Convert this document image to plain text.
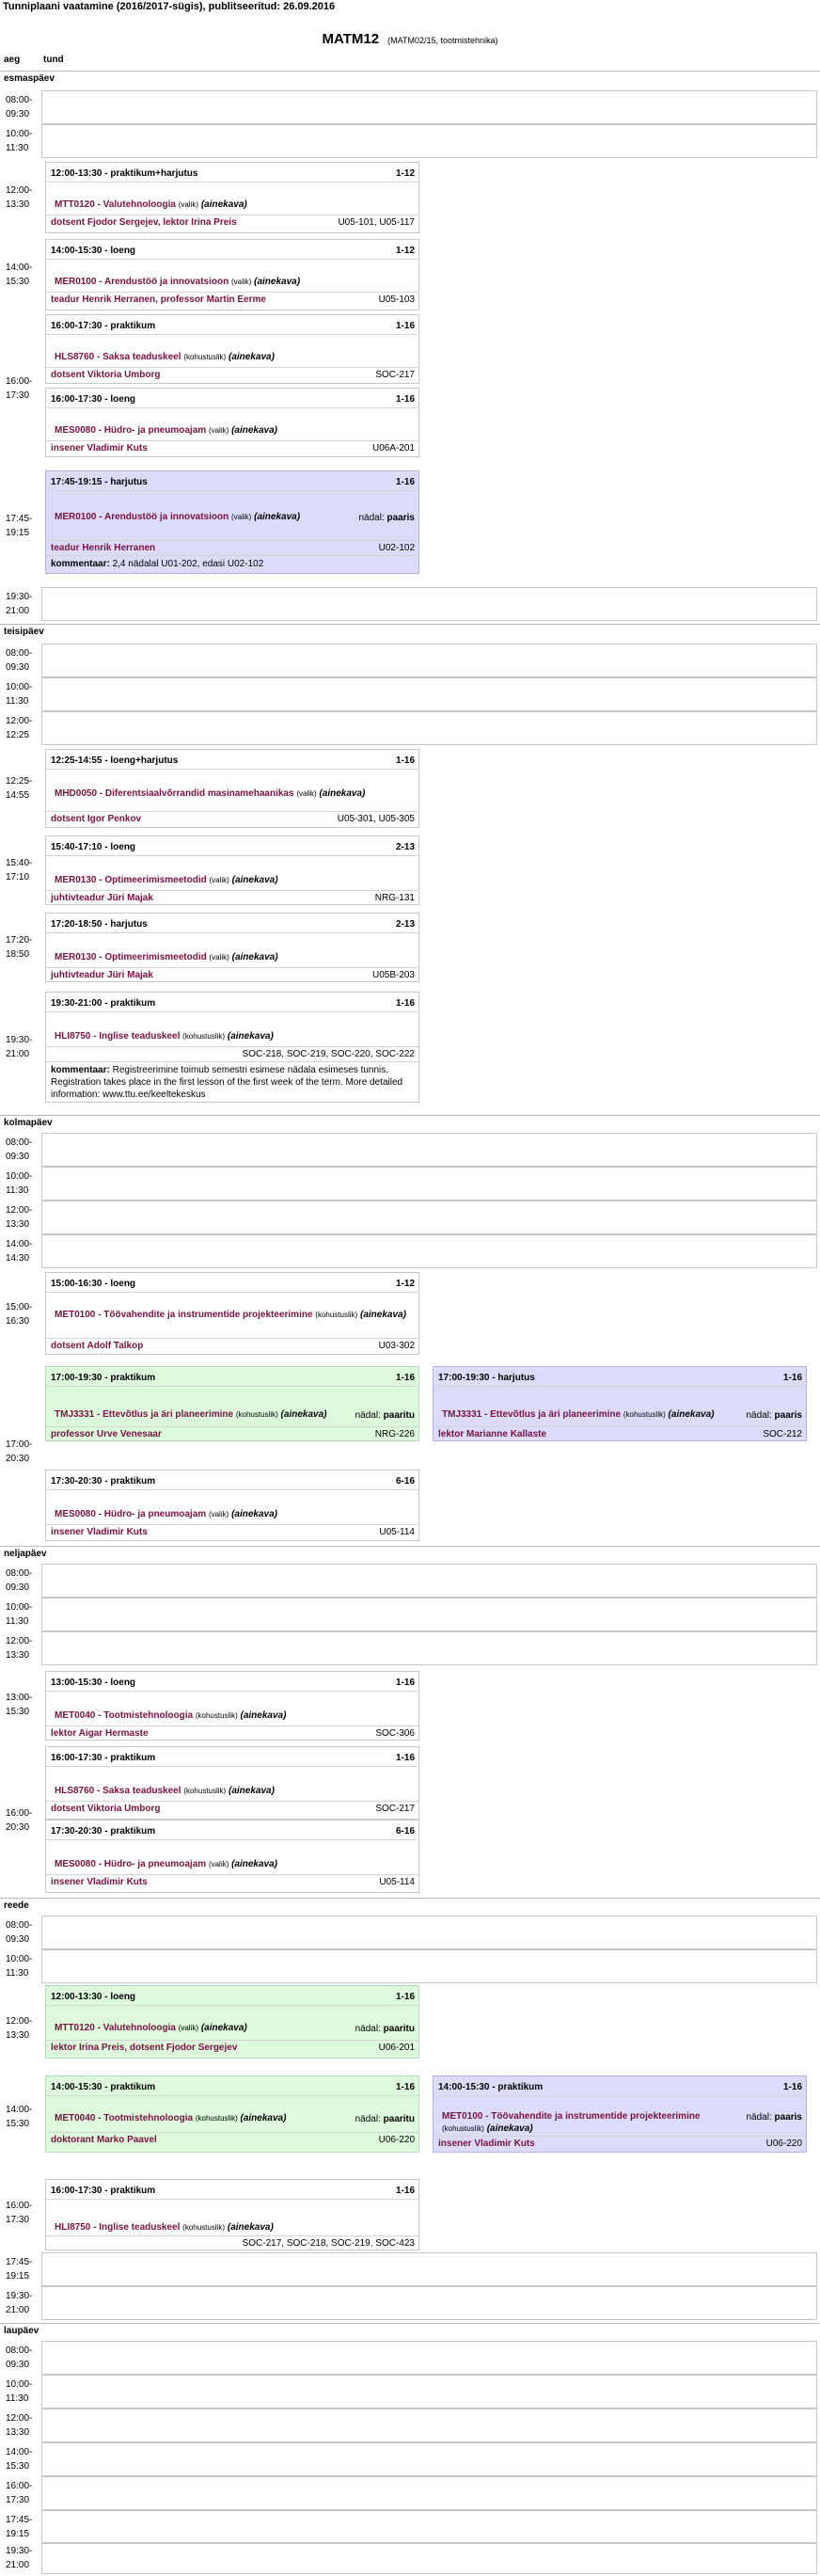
Tunniplaani vaatamine (2016/2017-sügis), publitseeritud: 26.09.2016
MATM12 (MATM02/15, tootmistehnika)
aeg tund
esmaspäev
08:00- 09:30
10:00- 11:30
12:00- 13:30
12:00-13:30 - praktikum+harjutus	1-12
MTT0120 - Valutehnoloogia (valik) (ainekava)
dotsent Fjodor Sergejev, lektor Irina Preis	U05-101, U05-117
14:00- 15:30
14:00-15:30 - loeng	1-12
MER0100 - Arendustöö ja innovatsioon (valik) (ainekava)
teadur Henrik Herranen, professor Martin Eerme	U05-103
16:00- 17:30
16:00-17:30 - praktikum	1-16
HLS8760 - Saksa teaduskeel (kohustuslik) (ainekava)
dotsent Viktoria Umborg	SOC-217
16:00-17:30 - loeng	1-16
MES0080 - Hüdro- ja pneumoajam (valik) (ainekava)
insener Vladimir Kuts	U06A-201
17:45- 19:15
17:45-19:15 - harjutus	1-16
MER0100 - Arendustöö ja innovatsioon (valik) (ainekava)	nädal: paaris
teadur Henrik Herranen	U02-102
kommentaar: 2,4 nädalal U01-202, edasi U02-102
19:30- 21:00
teisipäev
08:00- 09:30
10:00- 11:30
12:00- 12:25
12:25- 14:55
12:25-14:55 - loeng+harjutus	1-16
MHD0050 - Diferentsiaalvõrrandid masinamehaanikas (valik) (ainekava)
dotsent Igor Penkov	U05-301, U05-305
15:40- 17:10
15:40-17:10 - loeng	2-13
MER0130 - Optimeerimismeetodid (valik) (ainekava)
juhtivteadur Jüri Majak	NRG-131
17:20- 18:50
17:20-18:50 - harjutus	2-13
MER0130 - Optimeerimismeetodid (valik) (ainekava)
juhtivteadur Jüri Majak	U05B-203
19:30- 21:00
19:30-21:00 - praktikum	1-16
HLI8750 - Inglise teaduskeel (kohustuslik) (ainekava)
SOC-218, SOC-219, SOC-220, SOC-222
kommentaar: Registreerimine toimub semestri esimese nädala esimeses tunnis. Registration takes place in the first lesson of the first week of the term. More detailed information: www.ttu.ee/keeltekeskus
kolmapäev
08:00- 09:30
10:00- 11:30
12:00- 13:30
14:00- 14:30
15:00- 16:30
15:00-16:30 - loeng	1-12
MET0100 - Töövahendite ja instrumentide projekteerimine (kohustuslik) (ainekava)
dotsent Adolf Talkop	U03-302
17:00- 20:30
17:00-19:30 - praktikum	1-16
TMJ3331 - Ettevõtlus ja äri planeerimine (kohustuslik) (ainekava)	nädal: paaritu
professor Urve Venesaar	NRG-226
17:00-19:30 - harjutus	1-16
TMJ3331 - Ettevõtlus ja äri planeerimine (kohustuslik) (ainekava)	nädal: paaris
lektor Marianne Kallaste	SOC-212
17:30-20:30 - praktikum	6-16
MES0080 - Hüdro- ja pneumoajam (valik) (ainekava)
insener Vladimir Kuts	U05-114
neljapäev
08:00- 09:30
10:00- 11:30
12:00- 13:30
13:00- 15:30
13:00-15:30 - loeng	1-16
MET0040 - Tootmistehnoloogia (kohustuslik) (ainekava)
lektor Aigar Hermaste	SOC-306
16:00- 20:30
16:00-17:30 - praktikum	1-16
HLS8760 - Saksa teaduskeel (kohustuslik) (ainekava)
dotsent Viktoria Umborg	SOC-217
17:30-20:30 - praktikum	6-16
MES0080 - Hüdro- ja pneumoajam (valik) (ainekava)
insener Vladimir Kuts	U05-114
reede
08:00- 09:30
10:00- 11:30
12:00- 13:30
12:00-13:30 - loeng	1-16
MTT0120 - Valutehnoloogia (valik) (ainekava)	nädal: paaritu
lektor Irina Preis, dotsent Fjodor Sergejev	U06-201
14:00- 15:30
14:00-15:30 - praktikum	1-16
MET0040 - Tootmistehnoloogia (kohustuslik) (ainekava)	nädal: paaritu
doktorant Marko Paavel	U06-220
14:00-15:30 - praktikum	1-16
MET0100 - Töövahendite ja instrumentide projekteerimine (kohustuslik) (ainekava)
nädal: paaris
insener Vladimir Kuts	U06-220
16:00- 17:30
16:00-17:30 - praktikum	1-16
HLI8750 - Inglise teaduskeel (kohustuslik) (ainekava)
SOC-217, SOC-218, SOC-219, SOC-423
17:45- 19:15
19:30- 21:00
laupäev
08:00- 09:30
10:00- 11:30
12:00- 13:30
14:00- 15:30
16:00- 17:30
17:45- 19:15
19:30- 21:00
